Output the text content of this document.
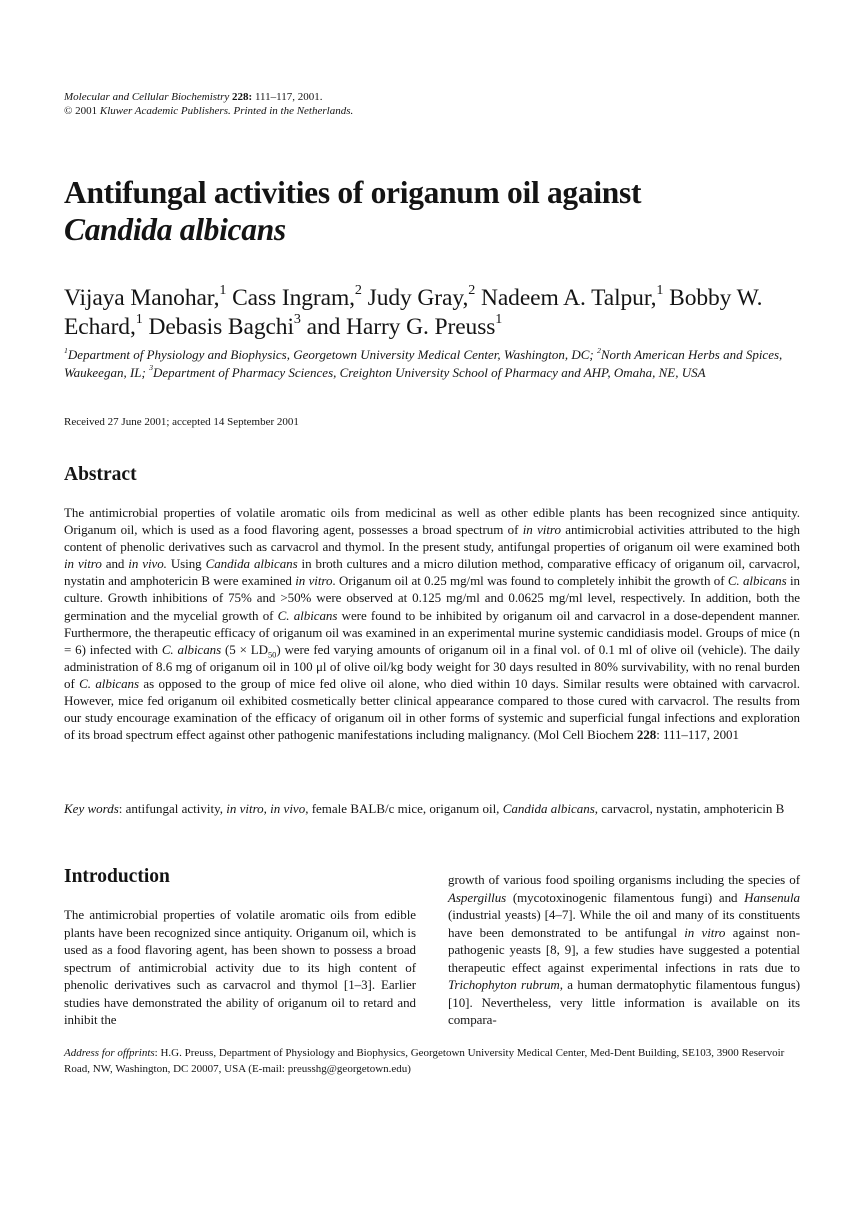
Molecular and Cellular Biochemistry 228: 111–117, 2001.
© 2001 Kluwer Academic Publishers. Printed in the Netherlands.
Antifungal activities of origanum oil against
Candida albicans
Vijaya Manohar,$^1$ Cass Ingram,$^2$ Judy Gray,$^2$ Nadeem A. Talpur,$^1$ Bobby W. Echard,$^1$ Debasis Bagchi$^3$ and Harry G. Preuss$^1$
$^1$Department of Physiology and Biophysics, Georgetown University Medical Center, Washington, DC; $^2$North American Herbs and Spices, Waukeegan, IL; $^3$Department of Pharmacy Sciences, Creighton University School of Pharmacy and AHP, Omaha, NE, USA
Received 27 June 2001; accepted 14 September 2001
Abstract
The antimicrobial properties of volatile aromatic oils from medicinal as well as other edible plants has been recognized since antiquity. Origanum oil, which is used as a food flavoring agent, possesses a broad spectrum of in vitro antimicrobial activities attributed to the high content of phenolic derivatives such as carvacrol and thymol. In the present study, antifungal properties of origanum oil were examined both in vitro and in vivo. Using Candida albicans in broth cultures and a micro dilution method, comparative efficacy of origanum oil, carvacrol, nystatin and amphotericin B were examined in vitro. Origanum oil at 0.25 mg/ml was found to completely inhibit the growth of C. albicans in culture. Growth inhibitions of 75% and >50% were observed at 0.125 mg/ml and 0.0625 mg/ml level, respectively. In addition, both the germination and the mycelial growth of C. albicans were found to be inhibited by origanum oil and carvacrol in a dose-dependent manner. Furthermore, the therapeutic efficacy of origanum oil was examined in an experimental murine systemic candidiasis model. Groups of mice (n = 6) infected with C. albicans $(5 \times LD_{50})$ were fed varying amounts of origanum oil in a final vol. of 0.1 ml of olive oil (vehicle). The daily administration of 8.6 mg of origanum oil in 100 μl of olive oil/kg body weight for 30 days resulted in 80% survivability, with no renal burden of C. albicans as opposed to the group of mice fed olive oil alone, who died within 10 days. Similar results were obtained with carvacrol. However, mice fed origanum oil exhibited cosmetically better clinical appearance compared to those cured with carvacrol. The results from our study encourage examination of the efficacy of origanum oil in other forms of systemic and superficial fungal infections and exploration of its broad spectrum effect against other pathogenic manifestations including malignancy. (Mol Cell Biochem 228: 111–117, 2001
Key words: antifungal activity, in vitro, in vivo, female BALB/c mice, origanum oil, Candida albicans, carvacrol, nystatin, amphotericin B
Introduction
The antimicrobial properties of volatile aromatic oils from edible plants have been recognized since antiquity. Origanum oil, which is used as a food flavoring agent, has been shown to possess a broad spectrum of antimicrobial activity due to its high content of phenolic derivatives such as carvacrol and thymol [1–3]. Earlier studies have demonstrated the ability of origanum oil to retard and inhibit the
growth of various food spoiling organisms including the species of Aspergillus (mycotoxinogenic filamentous fungi) and Hansenula (industrial yeasts) [4–7]. While the oil and many of its constituents have been demonstrated to be antifungal in vitro against non-pathogenic yeasts [8, 9], a few studies have suggested a potential therapeutic effect against experimental infections in rats due to Trichophyton rubrum, a human dermatophytic filamentous fungus) [10]. Nevertheless, very little information is available on its compara-
Address for offprints: H.G. Preuss, Department of Physiology and Biophysics, Georgetown University Medical Center, Med-Dent Building, SE103, 3900 Reservoir Road, NW, Washington, DC 20007, USA (E-mail: preusshg@georgetown.edu)
